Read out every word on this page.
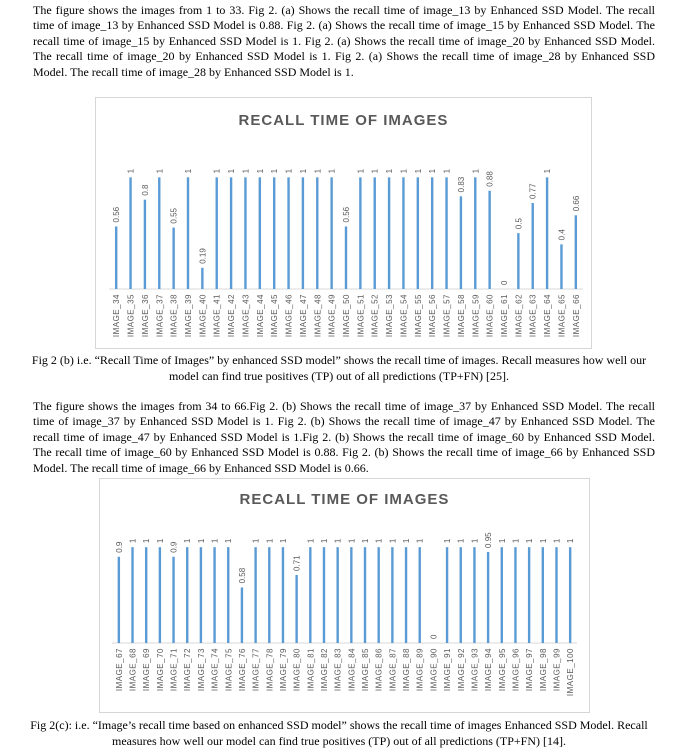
The figure shows the images from 1 to 33. Fig 2. (a) Shows the recall time of image_13 by Enhanced SSD Model. The recall time of image_13 by Enhanced SSD Model is 0.88. Fig 2. (a) Shows the recall time of image_15 by Enhanced SSD Model. The recall time of image_15 by Enhanced SSD Model is 1. Fig 2. (a) Shows the recall time of image_20 by Enhanced SSD Model. The recall time of image_20 by Enhanced SSD Model is 1. Fig 2. (a) Shows the recall time of image_28 by Enhanced SSD Model. The recall time of image_28 by Enhanced SSD Model is 1.

RECALL TIME OF IMAGES
0.56
IMAGE_34
1
IMAGE_35
0.8
IMAGE_36
1
IMAGE_37
0.55
IMAGE_38
1
IMAGE_39
0.19
IMAGE_40
1
IMAGE_41
1
IMAGE_42
1
IMAGE_43
1
IMAGE_44
1
IMAGE_45
1
IMAGE_46
1
IMAGE_47
1
IMAGE_48
1
IMAGE_49
0.56
IMAGE_50
1
IMAGE_51
1
IMAGE_52
1
IMAGE_53
1
IMAGE_54
1
IMAGE_55
1
IMAGE_56
1
IMAGE_57
0.83
IMAGE_58
1
IMAGE_59
0.88
IMAGE_60
0
IMAGE_61
0.5
IMAGE_62
0.77
IMAGE_63
1
IMAGE_64
0.4
IMAGE_65
0.66
IMAGE_66

Fig 2 (b) i.e. “Recall Time of Images” by enhanced SSD model” shows the recall time of images. Recall measures how well our model can find true positives (TP) out of all predictions (TP+FN) [25].

The figure shows the images from 34 to 66.Fig 2. (b) Shows the recall time of image_37 by Enhanced SSD Model. The recall time of image_37 by Enhanced SSD Model is 1. Fig 2. (b) Shows the recall time of image_47 by Enhanced SSD Model. The recall time of image_47 by Enhanced SSD Model is 1.Fig 2. (b) Shows the recall time of image_60 by Enhanced SSD Model. The recall time of image_60 by Enhanced SSD Model is 0.88. Fig 2. (b) Shows the recall time of image_66 by Enhanced SSD Model. The recall time of image_66 by Enhanced SSD Model is 0.66.

RECALL TIME OF IMAGES
0.9
IMAGE_67
1
IMAGE_68
1
IMAGE_69
1
IMAGE_70
0.9
IMAGE_71
1
IMAGE_72
1
IMAGE_73
1
IMAGE_74
1
IMAGE_75
0.58
IMAGE_76
1
IMAGE_77
1
IMAGE_78
1
IMAGE_79
0.71
IMAGE_80
1
IMAGE_81
1
IMAGE_82
1
IMAGE_83
1
IMAGE_84
1
IMAGE_85
1
IMAGE_86
1
IMAGE_87
1
IMAGE_88
1
IMAGE_89
0
IMAGE_90
1
IMAGE_91
1
IMAGE_92
1
IMAGE_93
0.95
IMAGE_94
1
IMAGE_95
1
IMAGE_96
1
IMAGE_97
1
IMAGE_98
1
IMAGE_99
1
IMAGE_100

Fig 2(c): i.e. “Image’s recall time based on enhanced SSD model” shows the recall time of images Enhanced SSD Model. Recall measures how well our model can find true positives (TP) out of all predictions (TP+FN) [14].
